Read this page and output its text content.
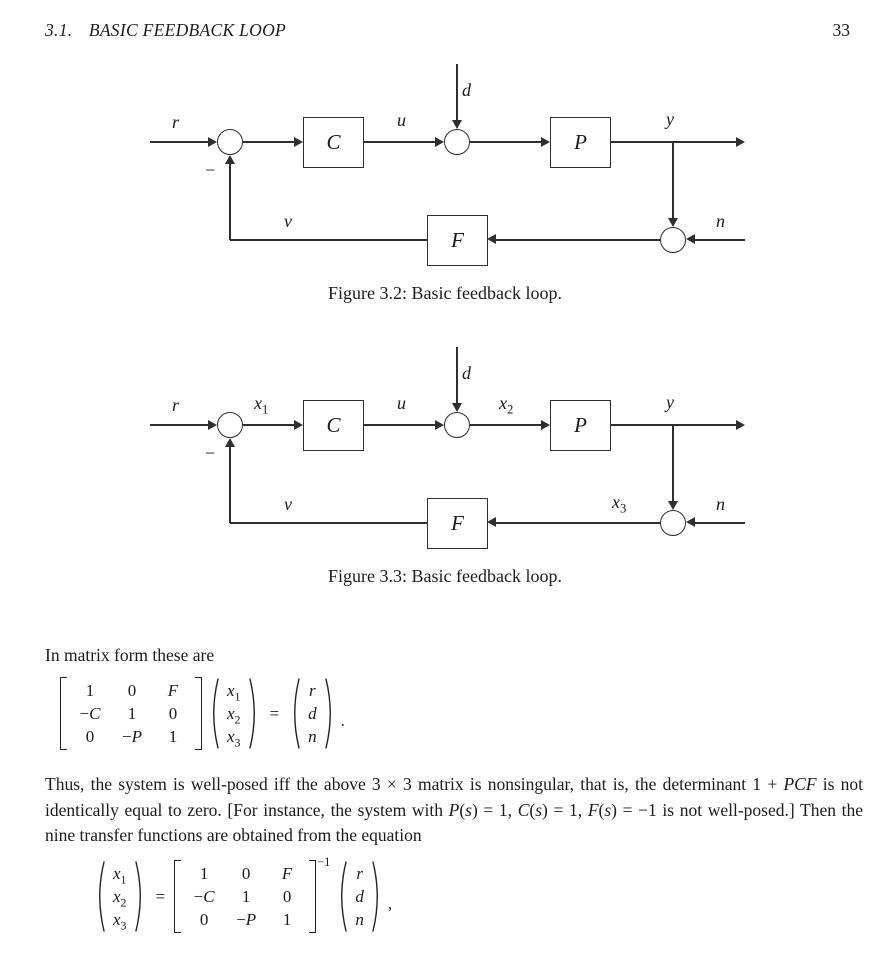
3.1. BASIC FEEDBACK LOOP	33
C	P
F
r	u
d
y
n
v
−
Figure 3.2: Basic feedback loop.
C	P
F
r	$x_1$	u
d
$x_2$	y
$x_3$	n
v
−
Figure 3.3: Basic feedback loop.
In matrix form these are
1 0 F
−C 1 0
0 −P 1
$x_1$
$x_2$
$x_3$
=
r
d
n
.
Thus, the system is well-posed iff the above 3 × 3 matrix is nonsingular, that is, the determinant 1 + PCF is not identically equal to zero. [For instance, the system with P(s) = 1, C(s) = 1, F(s) = −1 is not well-posed.] Then the nine transfer functions are obtained from the equation
$x_1$
$x_2$
$x_3$
=
1 0 F
−C 1 0
0 −P 1
−1
r
d
n
,
